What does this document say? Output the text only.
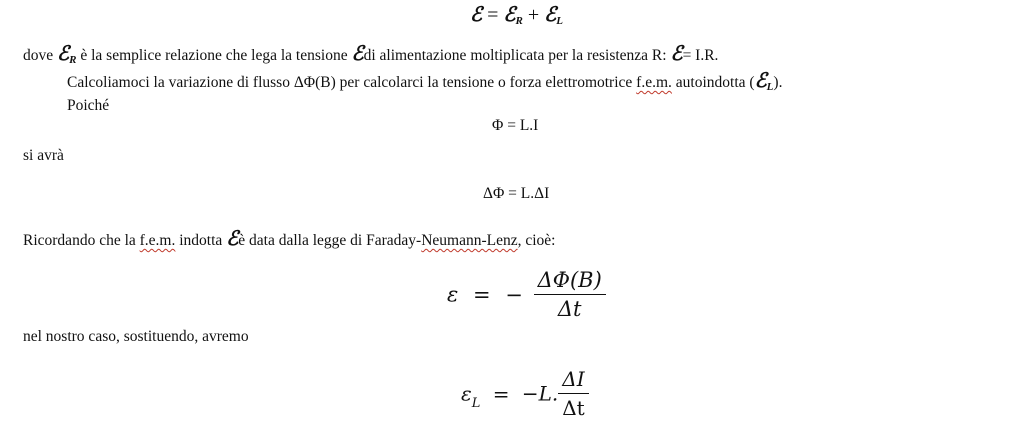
ℰ = ℰ$_R$ + ℰ$_L$
dove ℰ$_R$ è la semplice relazione che lega la tensione ℰdi alimentazione moltiplicata per la resistenza R: ℰ= I.R.
Calcoliamoci la variazione di flusso ΔΦ(B) per calcolarci la tensione o forza elettromotrice f.e.m. autoindotta (ℰ$_L$).
Poiché
Φ = L.I
si avrà
ΔΦ = L.ΔI
Ricordando che la f.e.m. indotta ℰè data dalla legge di Faraday-Neumann-Lenz, cioè:
ε = − $\frac{\Delta\Phi(B)}{\Delta t}$
nel nostro caso, sostituendo, avremo
$\varepsilon_L = -L$. $\frac{\Delta I}{\Delta t}$
